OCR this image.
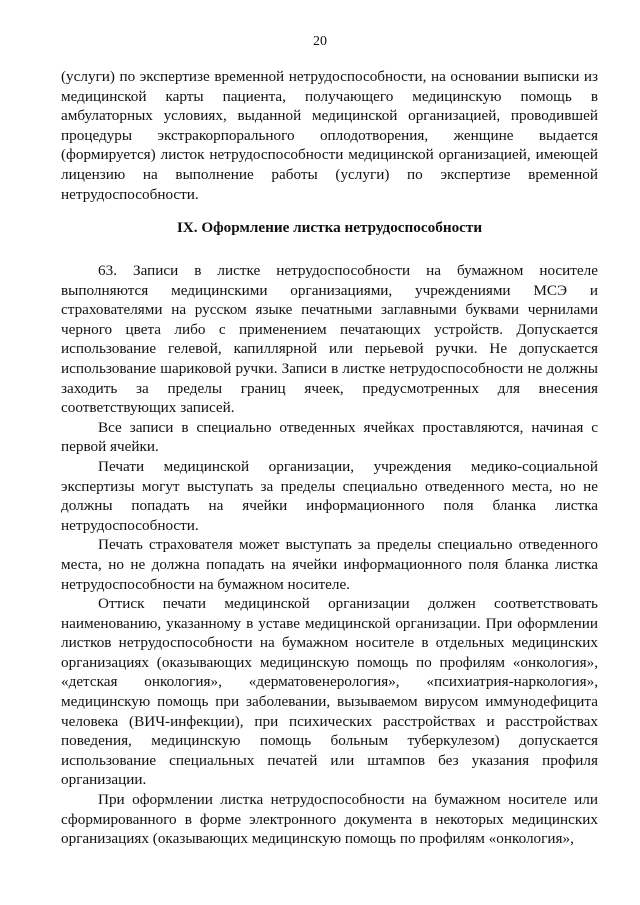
20

(услуги) по экспертизе временной нетрудоспособности, на основании выписки из медицинской карты пациента, получающего медицинскую помощь в амбулаторных условиях, выданной медицинской организацией, проводившей процедуры экстракорпорального оплодотворения, женщине выдается (формируется) листок нетрудоспособности медицинской организацией, имеющей лицензию на выполнение работы (услуги) по экспертизе временной нетрудоспособности.

IX. Оформление листка нетрудоспособности

63. Записи в листке нетрудоспособности на бумажном носителе выполняются медицинскими организациями, учреждениями МСЭ и страхователями на русском языке печатными заглавными буквами чернилами черного цвета либо с применением печатающих устройств. Допускается использование гелевой, капиллярной или перьевой ручки. Не допускается использование шариковой ручки. Записи в листке нетрудоспособности не должны заходить за пределы границ ячеек, предусмотренных для внесения соответствующих записей.

Все записи в специально отведенных ячейках проставляются, начиная с первой ячейки.

Печати медицинской организации, учреждения медико-социальной экспертизы могут выступать за пределы специально отведенного места, но не должны попадать на ячейки информационного поля бланка листка нетрудоспособности.

Печать страхователя может выступать за пределы специально отведенного места, но не должна попадать на ячейки информационного поля бланка листка нетрудоспособности на бумажном носителе.

Оттиск печати медицинской организации должен соответствовать наименованию, указанному в уставе медицинской организации. При оформлении листков нетрудоспособности на бумажном носителе в отдельных медицинских организациях (оказывающих медицинскую помощь по профилям «онкология», «детская онкология», «дерматовенерология», «психиатрия-наркология», медицинскую помощь при заболевании, вызываемом вирусом иммунодефицита человека (ВИЧ-инфекции), при психических расстройствах и расстройствах поведения, медицинскую помощь больным туберкулезом) допускается использование специальных печатей или штампов без указания профиля организации.

При оформлении листка нетрудоспособности на бумажном носителе или сформированного в форме электронного документа в некоторых медицинских организациях (оказывающих медицинскую помощь по профилям «онкология»,
